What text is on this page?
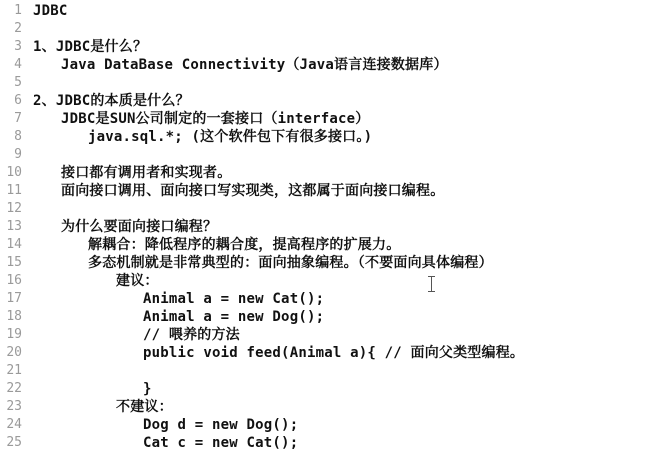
1 JDBC
2
3 1、JDBC是什么？
4	Java DataBase Connectivity（Java语言连接数据库）
5
6 2、JDBC的本质是什么？
7	JDBC是SUN公司制定的一套接口（interface）
8	java.sql.*; (这个软件包下有很多接口。)
9
10	接口都有调用者和实现者。
11	面向接口调用、面向接口写实现类，这都属于面向接口编程。
12
13	为什么要面向接口编程？
14	解耦合：降低程序的耦合度，提高程序的扩展力。
15	多态机制就是非常典型的：面向抽象编程。（不要面向具体编程）
16	建议：
17	Animal a = new Cat();
18	Animal a = new Dog();
19	// 喂养的方法
20	public void feed(Animal a){ // 面向父类型编程。
21
22	}
23	不建议：
24	Dog d = new Dog();
25	Cat c = new Cat();
